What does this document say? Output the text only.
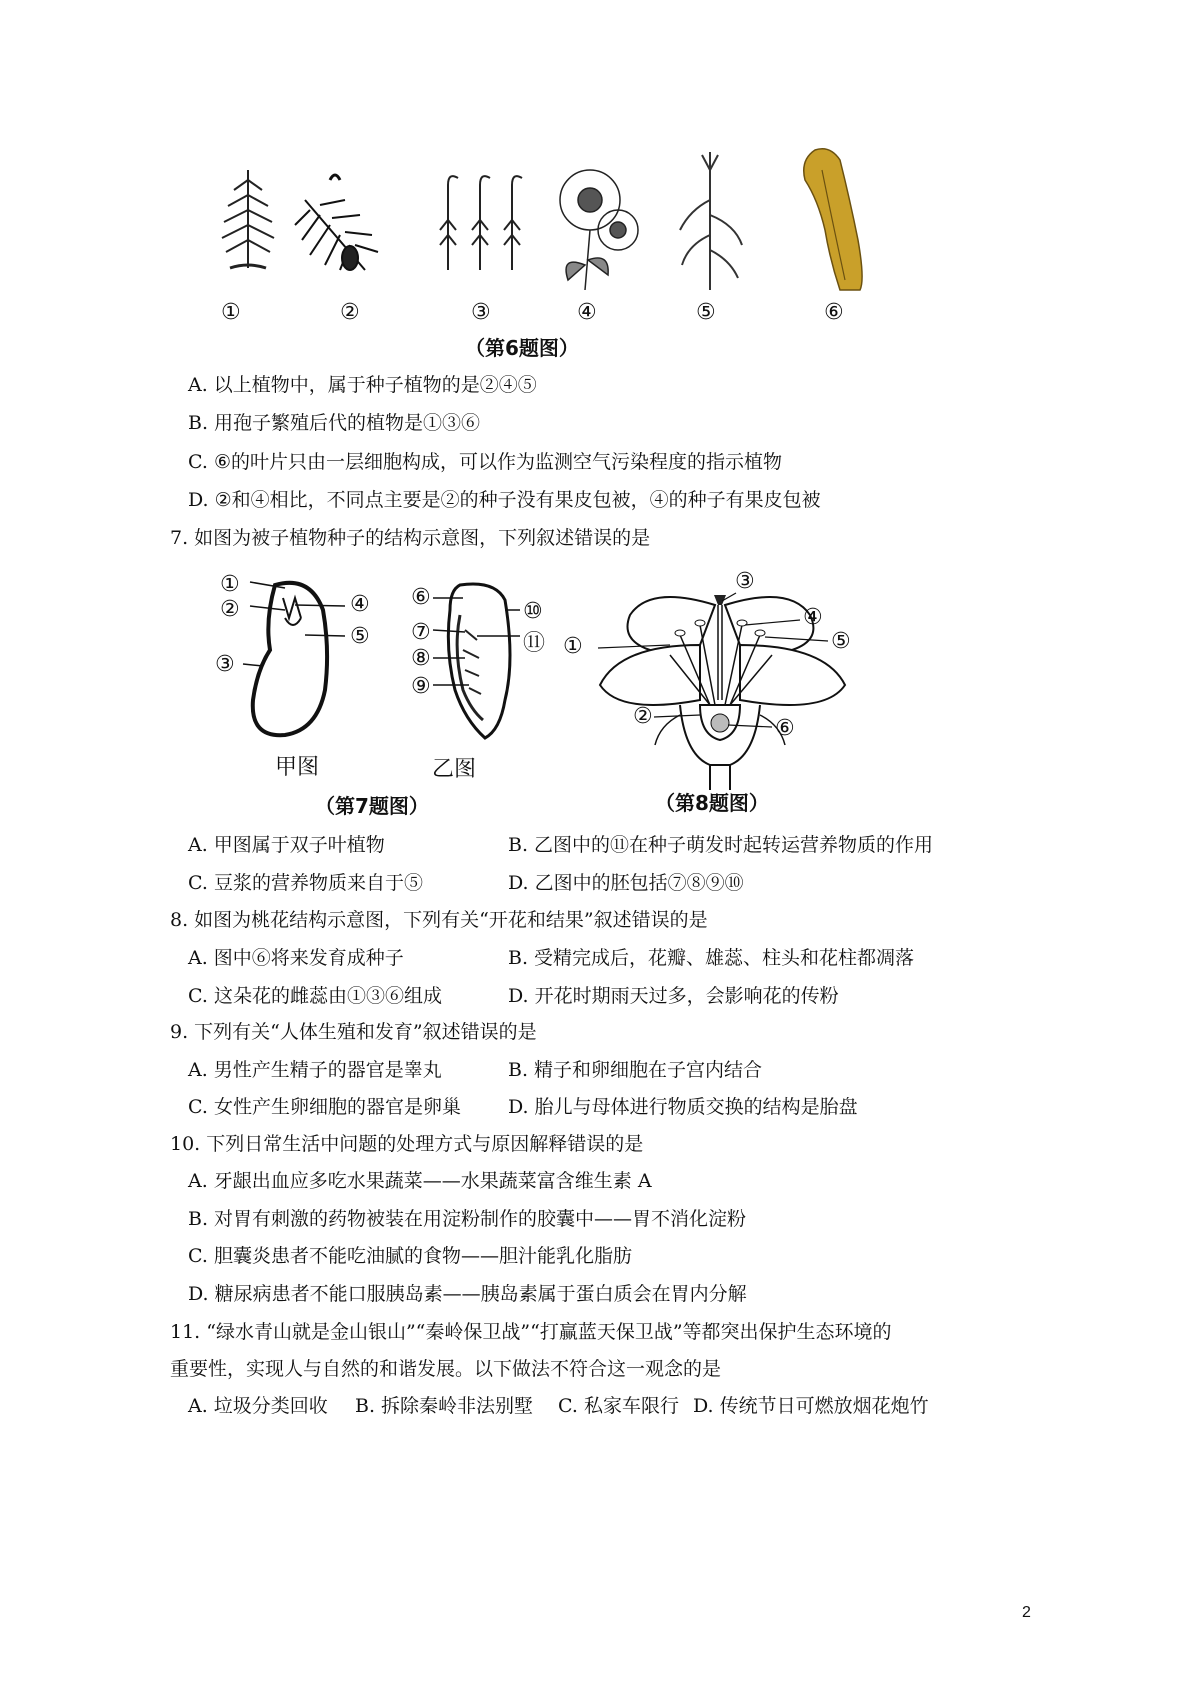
①	②	③	④	⑤	⑥
（第6题图）
A. 以上植物中，属于种子植物的是②④⑤
B. 用孢子繁殖后代的植物是①③⑥
C. ⑥的叶片只由一层细胞构成，可以作为监测空气污染程度的指示植物
D. ②和④相比，不同点主要是②的种子没有果皮包被，④的种子有果皮包被
7. 如图为被子植物种子的结构示意图，下列叙述错误的是
①
②
③
④
⑤
甲图
⑥
⑦
⑧
⑨
⑩
⑪
乙图
（第7题图）
①
②
③
④
⑤
⑥
（第8题图）
A. 甲图属于双子叶植物	B. 乙图中的⑪在种子萌发时起转运营养物质的作用
C. 豆浆的营养物质来自于⑤	D. 乙图中的胚包括⑦⑧⑨⑩
8. 如图为桃花结构示意图，下列有关“开花和结果”叙述错误的是
A. 图中⑥将来发育成种子	B. 受精完成后，花瓣、雄蕊、柱头和花柱都凋落
C. 这朵花的雌蕊由①③⑥组成	D. 开花时期雨天过多，会影响花的传粉
9. 下列有关“人体生殖和发育”叙述错误的是
A. 男性产生精子的器官是睾丸	B. 精子和卵细胞在子宫内结合
C. 女性产生卵细胞的器官是卵巢 D. 胎儿与母体进行物质交换的结构是胎盘
10. 下列日常生活中问题的处理方式与原因解释错误的是
A. 牙龈出血应多吃水果蔬菜——水果蔬菜富含维生素 A
B. 对胃有刺激的药物被装在用淀粉制作的胶囊中——胃不消化淀粉
C. 胆囊炎患者不能吃油腻的食物——胆汁能乳化脂肪
D. 糖尿病患者不能口服胰岛素——胰岛素属于蛋白质会在胃内分解
11. “绿水青山就是金山银山”“秦岭保卫战”“打赢蓝天保卫战”等都突出保护生态环境的
重要性，实现人与自然的和谐发展。以下做法不符合这一观念的是
A. 垃圾分类回收 B. 拆除秦岭非法别墅 C. 私家车限行 D. 传统节日可燃放烟花炮竹
2
